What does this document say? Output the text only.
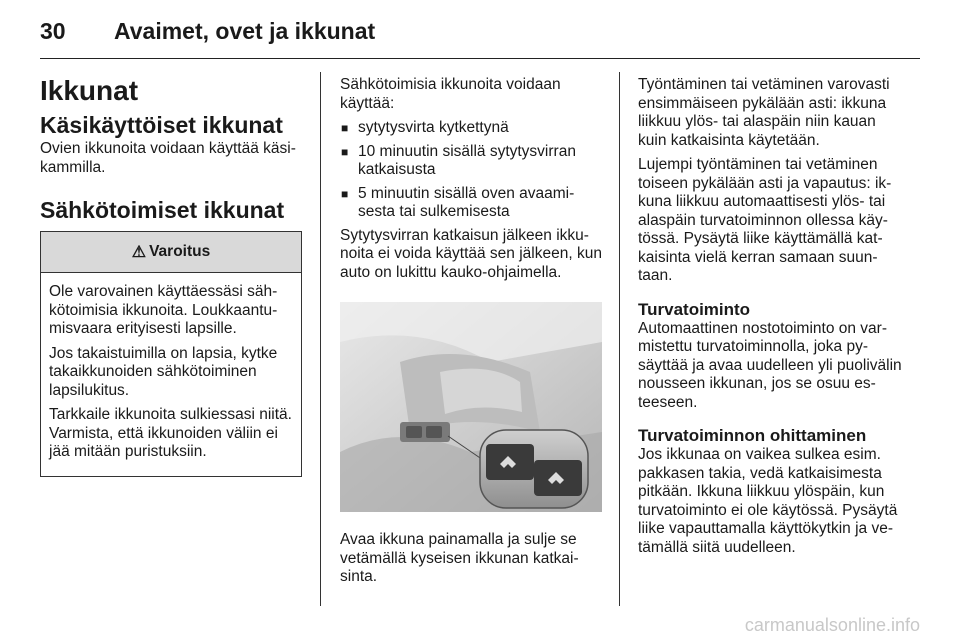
30	Avaimet, ovet ja ikkunat
Ikkunat
Käsikäyttöiset ikkunat

Ovien ikkunoita voidaan käyttää käsikammilla.

Sähkötoimiset ikkunat
⚠ Varoitus

Ole varovainen käyttäessäsi sähkötoimisia ikkunoita. Loukkaantumisvaara erityisesti lapsille.

Jos takaistuimilla on lapsia, kytke takaikkunoiden sähkötoiminen lapsilukitus.

Tarkkaile ikkunoita sulkiessasi niitä. Varmista, että ikkunoiden väliin ei jää mitään puristuksiin.

Sähkötoimisia ikkunoita voidaan käyttää:

■ sytytysvirta kytkettynä
■ 10 minuutin sisällä sytytysvirran katkaisusta
■ 5 minuutin sisällä oven avaamisesta tai sulkemisesta

Sytytysvirran katkaisun jälkeen ikkunoita ei voida käyttää sen jälkeen, kun auto on lukittu kauko-ohjaimella.

Avaa ikkuna painamalla ja sulje se vetämällä kyseisen ikkunan katkaisinta.

Työntäminen tai vetäminen varovasti ensimmäiseen pykälään asti: ikkuna liikkuu ylös- tai alaspäin niin kauan kuin katkaisinta käytetään.

Lujempi työntäminen tai vetäminen toiseen pykälään asti ja vapautus: ikkuna liikkuu automaattisesti ylös- tai alaspäin turvatoiminnon ollessa käytössä. Pysäytä liike käyttämällä katkaisinta vielä kerran samaan suuntaan.

Turvatoiminto

Automaattinen nostotoiminto on varmistettu turvatoiminnolla, joka pysäyttää ja avaa uudelleen yli puolivälin nousseen ikkunan, jos se osuu esteeseen.

Turvatoiminnon ohittaminen

Jos ikkunaa on vaikea sulkea esim. pakkasen takia, vedä katkaisimesta pitkään. Ikkuna liikkuu ylöspäin, kun turvatoiminto ei ole käytössä. Pysäytä liike vapauttamalla käyttökytkin ja vetämällä siitä uudelleen.

carmanualsonline.info
